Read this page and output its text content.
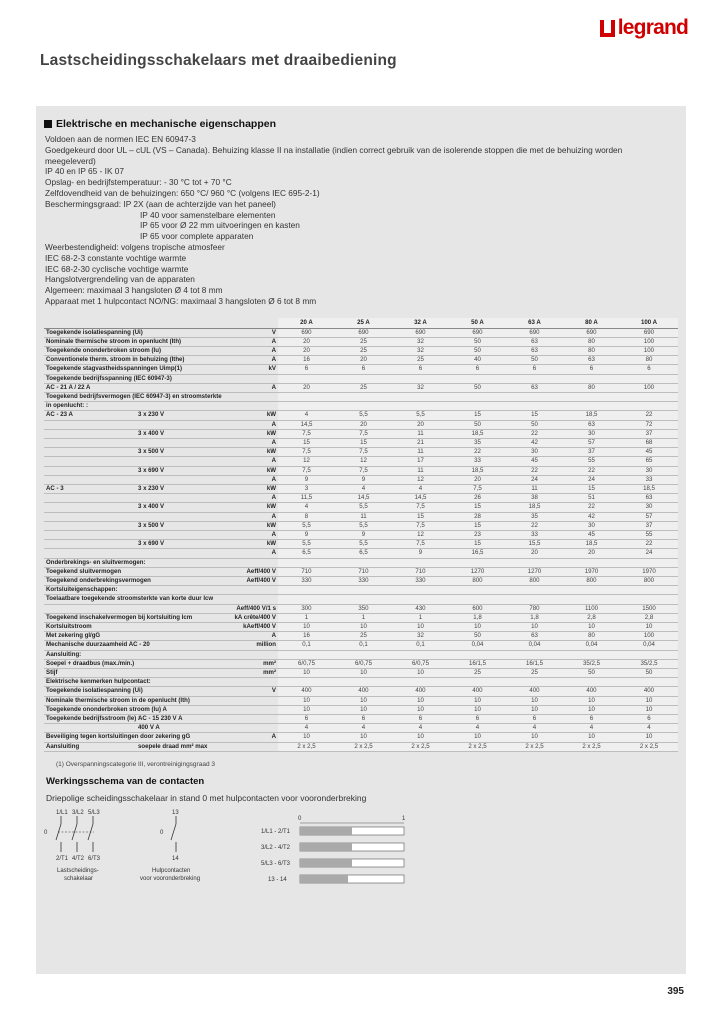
legrand
Lastscheidingsschakelaars met draaibediening
Elektrische en mechanische eigenschappen
Voldoen aan de normen IEC EN 60947-3
Goedgekeurd door UL – cUL (VS – Canada). Behuizing klasse II na installatie (indien correct gebruik van de isolerende stoppen die met de behuizing worden meegeleverd)
IP 40 en IP 65 - IK 07
Opslag- en bedrijfstemperatuur: - 30 °C tot + 70 °C
Zelfdovendheid van de behuizingen: 650 °C/ 960 °C (volgens IEC 695-2-1)
Beschermingsgraad: IP 2X (aan de achterzijde van het paneel)
IP 40 voor samenstelbare elementen
IP 65 voor Ø 22 mm uitvoeringen en kasten
IP 65 voor complete apparaten
Weerbestendigheid: volgens tropische atmosfeer
IEC 68-2-3 constante vochtige warmte
IEC 68-2-30 cyclische vochtige warmte
Hangslotvergrendeling van de apparaten
Algemeen: maximaal 3 hangsloten Ø 4 tot 8 mm
Apparaat met 1 hulpcontact NO/NG: maximaal 3 hangsloten Ø 6 tot 8 mm
			20 A	25 A	32 A	50 A	63 A	80 A	100 A
Toegekende isolatiespanning (Ui)		V	690	690	690	690	690	690	690
Nominale thermische stroom in openlucht (Ith)		A	20	25	32	50	63	80	100
Toegekende ononderbroken stroom (Iu)		A	20	25	32	50	63	80	100
Conventionele therm. stroom in behuizing (Ithe)		A	16	20	25	40	50	63	80
Toegekende stagvastheidsspanningen Uimp(1)		kV	6	6	6	6	6	6	6
Toegekende bedrijfsspanning (IEC 60947-3)									
AC - 21 A / 22 A		A	20	25	32	50	63	80	100
Toegekend bedrijfsvermogen (IEC 60947-3) en stroomsterkte									
in openlucht: :									
AC - 23 A	3 x 230 V	kW	4	5,5	5,5	15	15	18,5	22
		A	14,5	20	20	50	50	63	72
	3 x 400 V	kW	7,5	7,5	11	18,5	22	30	37
		A	15	15	21	35	42	57	68
	3 x 500 V	kW	7,5	7,5	11	22	30	37	45
		A	12	12	17	33	45	55	65
	3 x 690 V	kW	7,5	7,5	11	18,5	22	22	30
		A	9	9	12	20	24	24	33
AC - 3	3 x 230 V	kW	3	4	4	7,5	11	15	18,5
		A	11,5	14,5	14,5	26	38	51	63
	3 x 400 V	kW	4	5,5	7,5	15	18,5	22	30
		A	8	11	15	28	35	42	57
	3 x 500 V	kW	5,5	5,5	7,5	15	22	30	37
		A	9	9	12	23	33	45	55
	3 x 690 V	kW	5,5	5,5	7,5	15	15,5	18,5	22
		A	6,5	6,5	9	16,5	20	20	24
Onderbrekings- en sluitvermogen:									
Toegekend sluitvermogen		Aeff/400 V	710	710	710	1270	1270	1970	1970
Toegekend onderbrekingsvermogen		Aeff/400 V	330	330	330	800	800	800	800
Kortsluiteigenschappen:									
Toelaatbare toegekende stroomsterkte van korte duur Icw									
		Aeff/400 V/1 s	300	350	430	600	780	1100	1500
Toegekend inschakelvermogen bij kortsluiting Icm		kA crête/400 V	1	1	1	1,8	1,8	2,8	2,8
Kortsluitstroom		kAeff/400 V	10	10	10	10	10	10	10
Met zekering gl/gG		A	16	25	32	50	63	80	100
Mechanische duurzaamheid AC - 20		million	0,1	0,1	0,1	0,04	0,04	0,04	0,04
Aansluiting:									
Soepel + draadbus (max./min.)		mm²	6/0,75	6/0,75	6/0,75	16/1,5	16/1,5	35/2,5	35/2,5
Stijf		mm²	10	10	10	25	25	50	50
Elektrische kenmerken hulpcontact:									
Toegekende isolatiespanning (Ui)		V	400	400	400	400	400	400	400
Nominale thermische stroom in de openlucht (Ith)			10	10	10	10	10	10	10
Toegekende ononderbroken stroom (Iu) A			10	10	10	10	10	10	10
Toegekende bedrijfsstroom (Ie) :	AC - 15 230 V A		6	6	6	6	6	6	6
	400 V A		4	4	4	4	4	4	4
Beveiliging tegen kortsluitingen door zekering gG		A	10	10	10	10	10	10	10
Aansluiting	soepele draad mm² max		2 x 2,5	2 x 2,5	2 x 2,5	2 x 2,5	2 x 2,5	2 x 2,5	2 x 2,5
(1) Overspanningscategorie III, verontreinigingsgraad 3
Werkingsschema van de contacten
Driepolige scheidingsschakelaar in stand 0 met hulpcontacten voor vooronderbreking
1/L1 3/L2 5/L3
0
2/T1 4/T2 6/T3
Lastscheidings-
schakelaar
13
0
14
Hulpcontacten
voor vooronderbreking
0	1
1/L1 - 2/T1
3/L2 - 4/T2
5/L3 - 6/T3
13 - 14
395
